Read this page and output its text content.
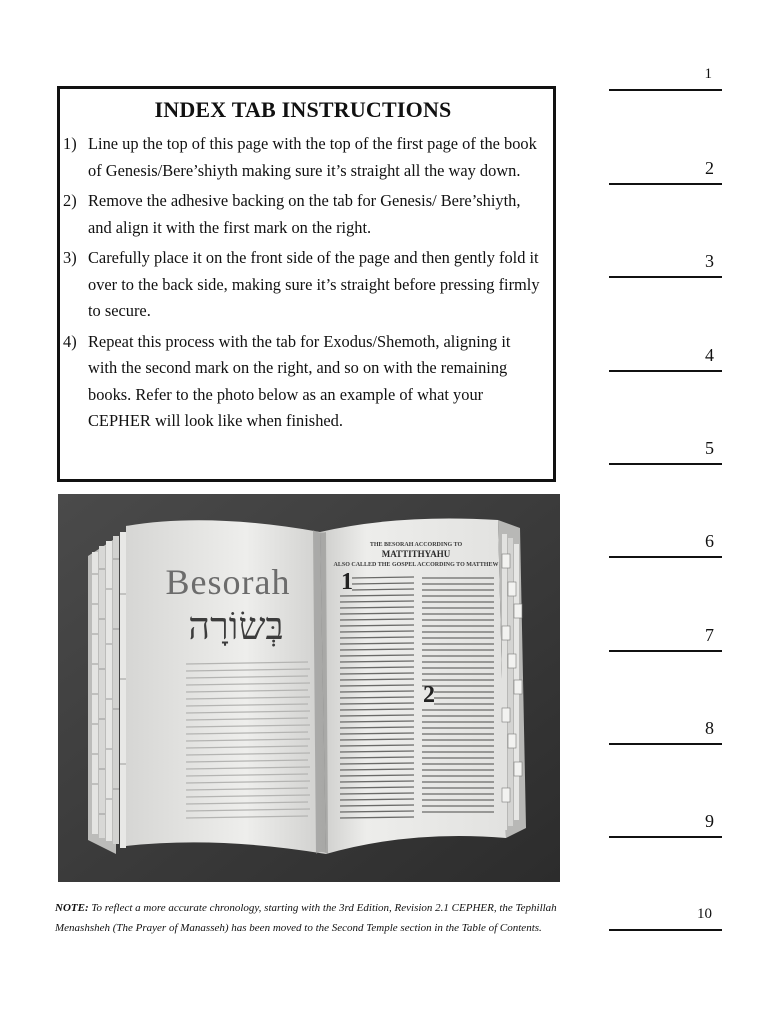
INDEX TAB INSTRUCTIONS
1) Line up the top of this page with the top of the first page of the book of Genesis/Bere’shiyth making sure it’s straight all the way down.
2) Remove the adhesive backing on the tab for Genesis/ Bere’shiyth, and align it with the first mark on the right.
3) Carefully place it on the front side of the page and then gently fold it over to the back side, making sure it’s straight before pressing firmly to secure.
4) Repeat this process with the tab for Exodus/Shemoth, aligning it with the second mark on the right, and so on with the remaining books. Refer to the photo below as an example of what your CEPHER will look like when finished.
Besorah
בְּשׂוֹרָה
THE BESORAH ACCORDING TO
MATTITHYAHU
ALSO CALLED THE GOSPEL ACCORDING TO MATTHEW
1
2
NOTE: To reflect a more accurate chronology, starting with the 3rd Edition, Revision 2.1 CEPHER, the Tephillah Menashsheh (The Prayer of Manasseh) has been moved to the Second Temple section in the Table of Contents.
1
2
3
4
5
6
7
8
9
10
